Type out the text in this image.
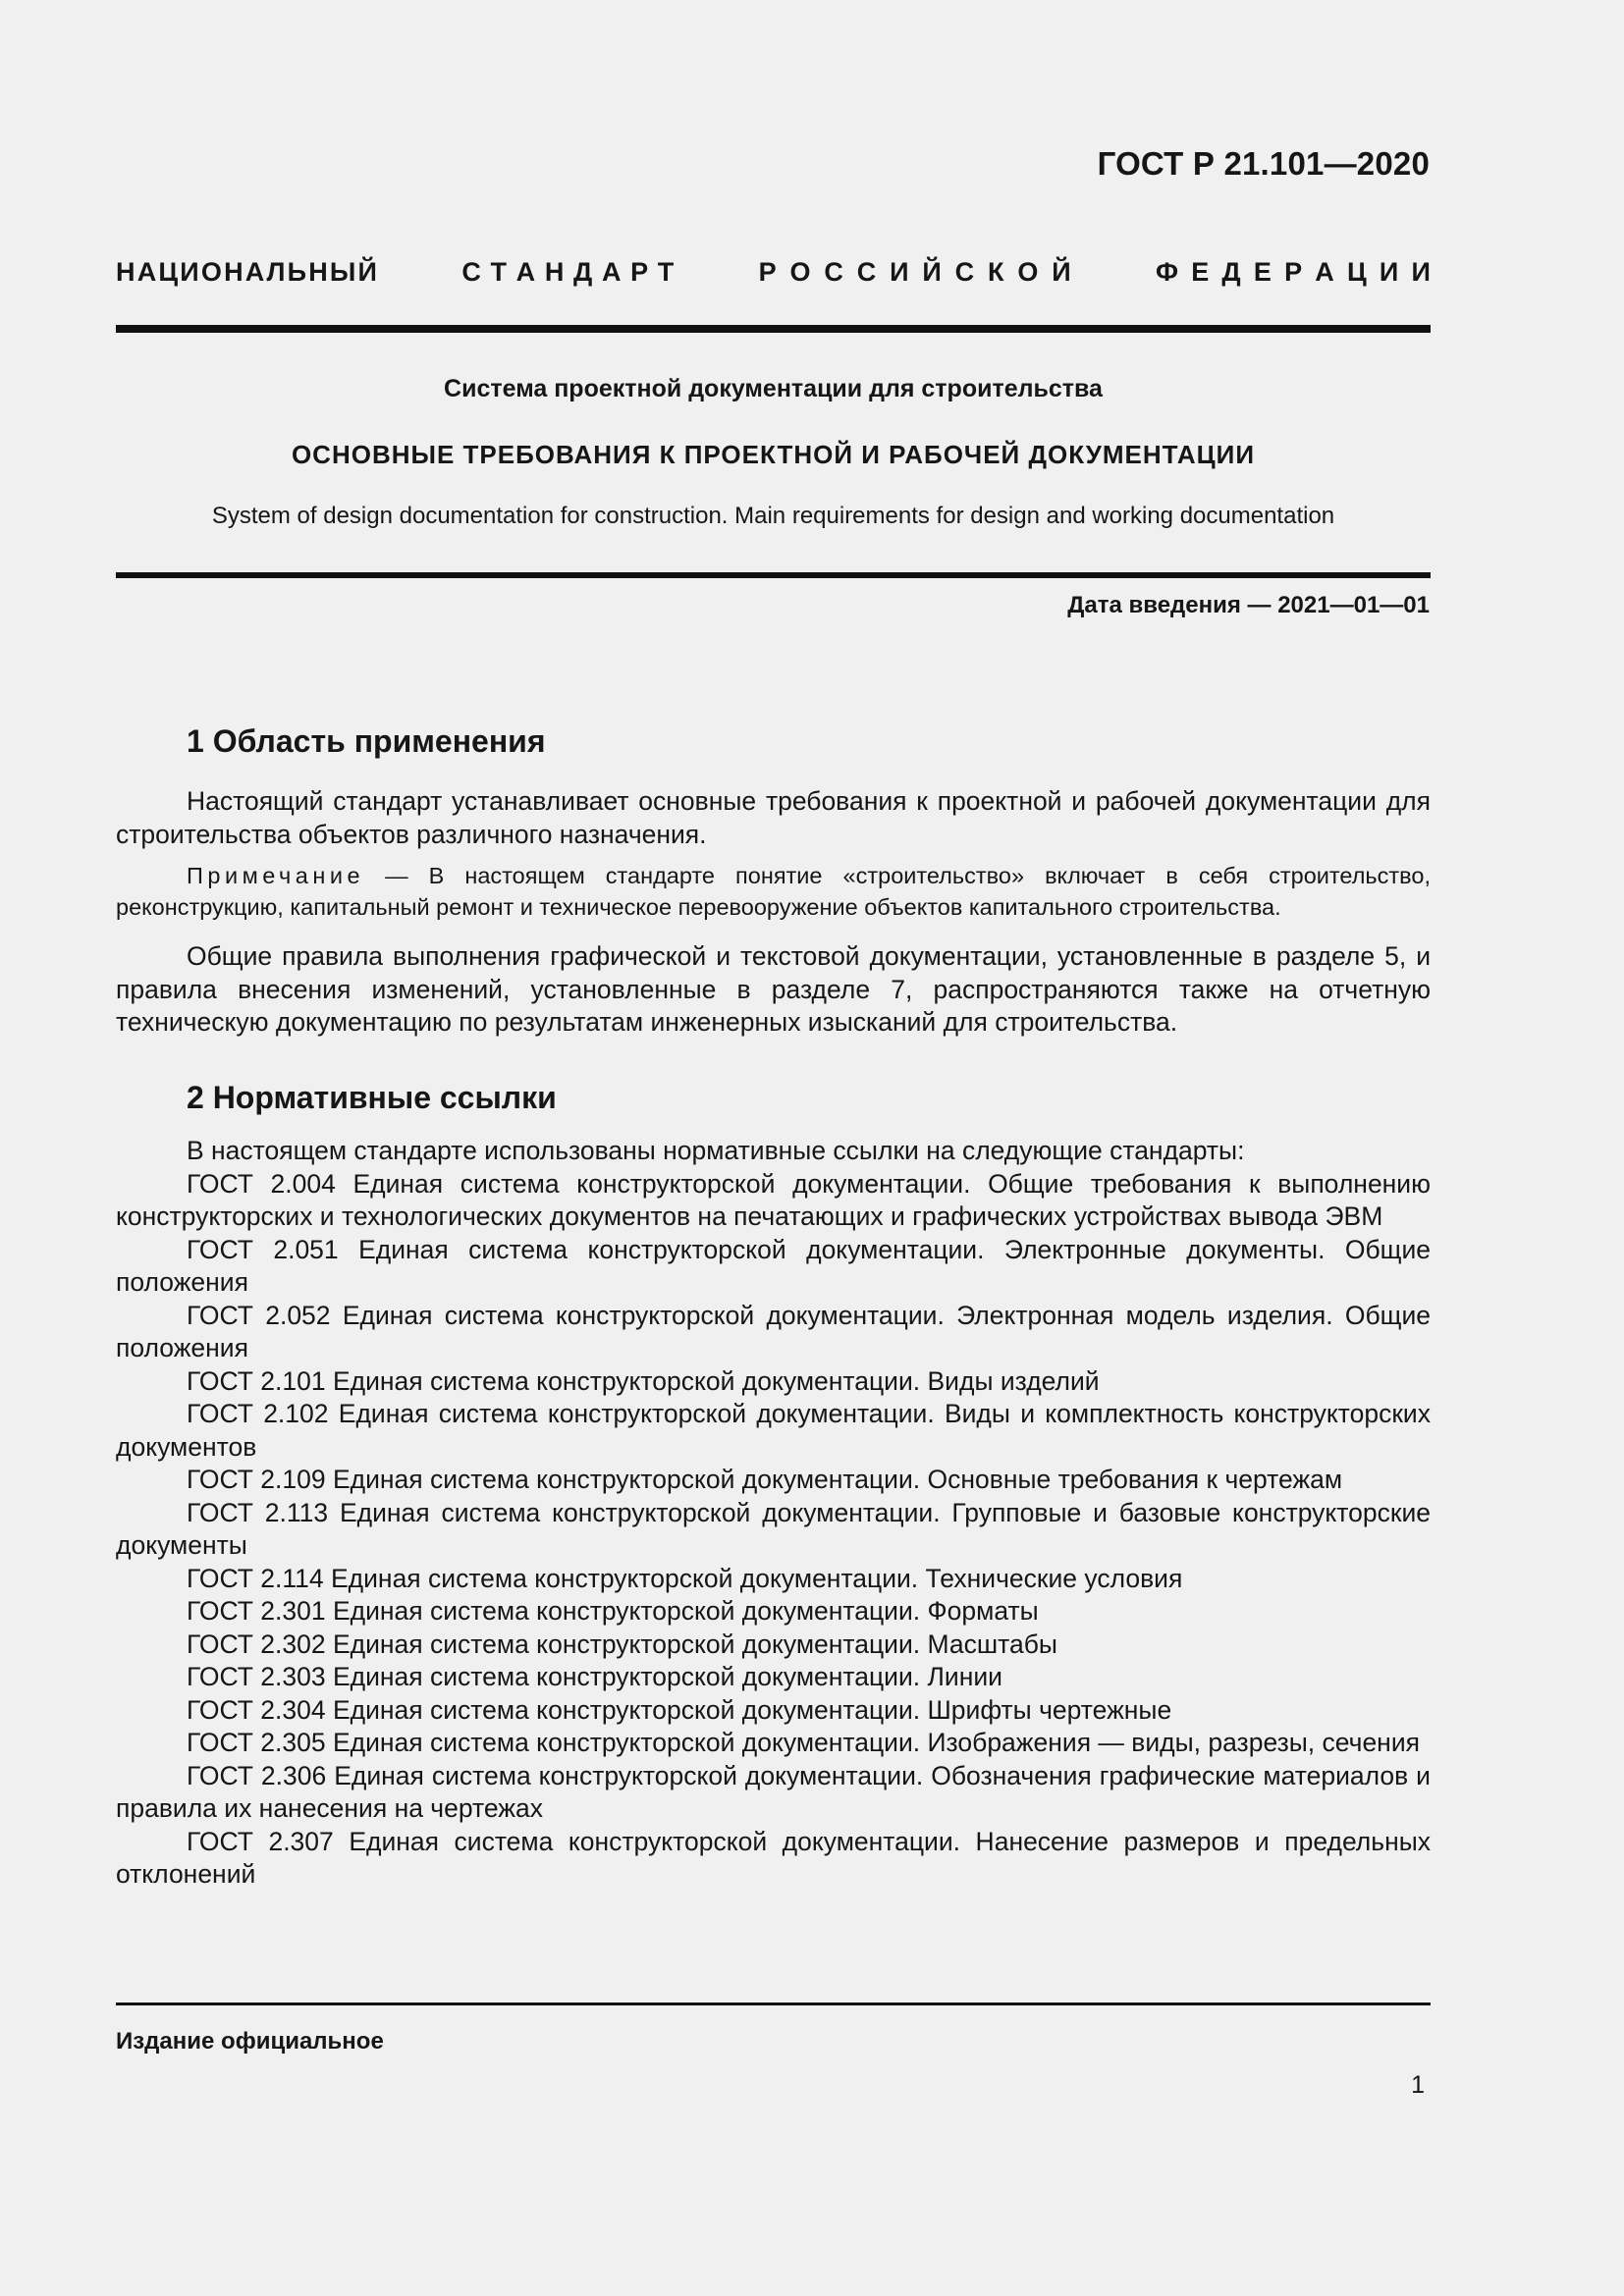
ГОСТ Р 21.101—2020
Н А Ц И О Н А Л Ь Н Ы Й	С Т А Н Д А Р Т	Р О С С И Й С К О Й	Ф Е Д Е Р А Ц И И
Система проектной документации для строительства
ОСНОВНЫЕ ТРЕБОВАНИЯ К ПРОЕКТНОЙ И РАБОЧЕЙ ДОКУМЕНТАЦИИ
System of design documentation for construction. Main requirements for design and working documentation
Дата введения — 2021—01—01
1 Область применения
Настоящий стандарт устанавливает основные требования к проектной и рабочей документации для строительства объектов различного назначения.
Примечание — В настоящем стандарте понятие «строительство» включает в себя строительство, реконструкцию, капитальный ремонт и техническое перевооружение объектов капитального строительства.
Общие правила выполнения графической и текстовой документации, установленные в разделе 5, и правила внесения изменений, установленные в разделе 7, распространяются также на отчетную техническую документацию по результатам инженерных изысканий для строительства.
2 Нормативные ссылки
В настоящем стандарте использованы нормативные ссылки на следующие стандарты:
ГОСТ 2.004 Единая система конструкторской документации. Общие требования к выполнению конструкторских и технологических документов на печатающих и графических устройствах вывода ЭВМ
ГОСТ 2.051 Единая система конструкторской документации. Электронные документы. Общие положения
ГОСТ 2.052 Единая система конструкторской документации. Электронная модель изделия. Общие положения
ГОСТ 2.101 Единая система конструкторской документации. Виды изделий
ГОСТ 2.102 Единая система конструкторской документации. Виды и комплектность конструкторских документов
ГОСТ 2.109 Единая система конструкторской документации. Основные требования к чертежам
ГОСТ 2.113 Единая система конструкторской документации. Групповые и базовые конструкторские документы
ГОСТ 2.114 Единая система конструкторской документации. Технические условия
ГОСТ 2.301 Единая система конструкторской документации. Форматы
ГОСТ 2.302 Единая система конструкторской документации. Масштабы
ГОСТ 2.303 Единая система конструкторской документации. Линии
ГОСТ 2.304 Единая система конструкторской документации. Шрифты чертежные
ГОСТ 2.305 Единая система конструкторской документации. Изображения — виды, разрезы, сечения
ГОСТ 2.306 Единая система конструкторской документации. Обозначения графические материалов и правила их нанесения на чертежах
ГОСТ 2.307 Единая система конструкторской документации. Нанесение размеров и предельных отклонений
Издание официальное
1
